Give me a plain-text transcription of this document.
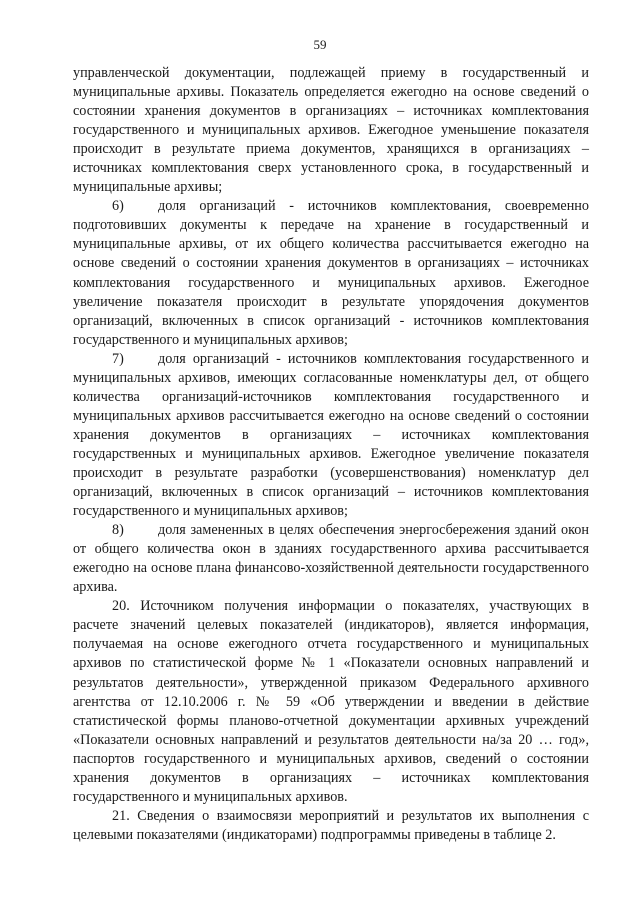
59

управленческой документации, подлежащей приему в государственный и муниципальные архивы. Показатель определяется ежегодно на основе сведений о состоянии хранения документов в организациях – источниках комплектования государственного и муниципальных архивов. Ежегодное уменьшение показателя происходит в результате приема документов, хранящихся в организациях – источниках комплектования сверх установленного срока, в государственный и муниципальные архивы;

6) доля организаций - источников комплектования, своевременно подготовивших документы к передаче на хранение в государственный и муниципальные архивы, от их общего количества рассчитывается ежегодно на основе сведений о состоянии хранения документов в организациях – источниках комплектования государственного и муниципальных архивов. Ежегодное увеличение показателя происходит в результате упорядочения документов организаций, включенных в список организаций - источников комплектования государственного и муниципальных архивов;

7) доля организаций - источников комплектования государственного и муниципальных архивов, имеющих согласованные номенклатуры дел, от общего количества организаций-источников комплектования государственного и муниципальных архивов рассчитывается ежегодно на основе сведений о состоянии хранения документов в организациях – источниках комплектования государственных и муниципальных архивов. Ежегодное увеличение показателя происходит в результате разработки (усовершенствования) номенклатур дел организаций, включенных в список организаций – источников комплектования государственного и муниципальных архивов;

8) доля замененных в целях обеспечения энергосбережения зданий окон от общего количества окон в зданиях государственного архива рассчитывается ежегодно на основе плана финансово-хозяйственной деятельности государственного архива.

20. Источником получения информации о показателях, участвующих в расчете значений целевых показателей (индикаторов), является информация, получаемая на основе ежегодного отчета государственного и муниципальных архивов по статистической форме № 1 «Показатели основных направлений и результатов деятельности», утвержденной приказом Федерального архивного агентства от 12.10.2006 г. № 59 «Об утверждении и введении в действие статистической формы планово-отчетной документации архивных учреждений «Показатели основных направлений и результатов деятельности на/за 20 … год», паспортов государственного и муниципальных архивов, сведений о состоянии хранения документов в организациях – источниках комплектования государственного и муниципальных архивов.

21. Сведения о взаимосвязи мероприятий и результатов их выполнения с целевыми показателями (индикаторами) подпрограммы приведены в таблице 2.
